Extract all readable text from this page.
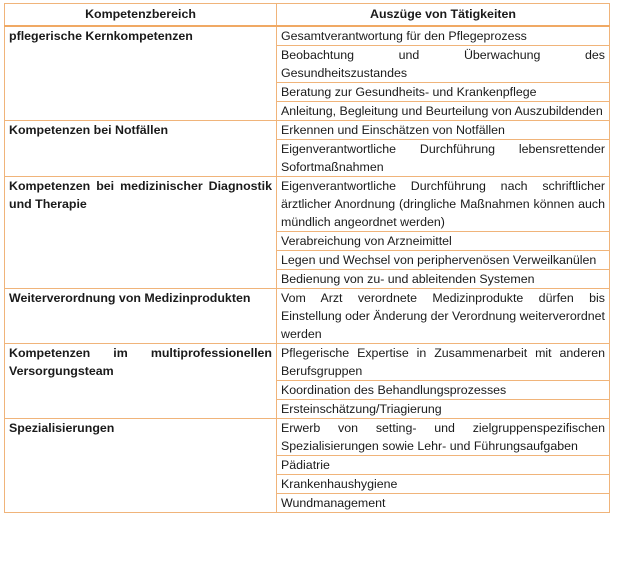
Kompetenzbereich	Auszüge von Tätigkeiten
pflegerische Kernkompetenzen	Gesamtverantwortung für den Pflegeprozess
	Beobachtung und Überwachung des Gesundheitszustandes
	Beratung zur Gesundheits- und Krankenpflege
	Anleitung, Begleitung und Beurteilung von Auszubildenden
Kompetenzen bei Notfällen	Erkennen und Einschätzen von Notfällen
	Eigenverantwortliche Durchführung lebensrettender Sofortmaßnahmen
Kompetenzen bei medizinischer Diagnostik und Therapie	Eigenverantwortliche Durchführung nach schriftlicher ärztlicher Anordnung (dringliche Maßnahmen können auch mündlich angeordnet werden)
	Verabreichung von Arzneimittel
	Legen und Wechsel von periphervenösen Verweilkanülen
	Bedienung von zu- und ableitenden Systemen
Weiterverordnung von Medizinprodukten	Vom Arzt verordnete Medizinprodukte dürfen bis Einstellung oder Änderung der Verordnung weiterverordnet werden
Kompetenzen im multiprofessionellen Versorgungsteam	Pflegerische Expertise in Zusammenarbeit mit anderen Berufsgruppen
	Koordination des Behandlungsprozesses
	Ersteinschätzung/Triagierung
Spezialisierungen	Erwerb von setting- und zielgruppenspezifischen Spezialisierungen sowie Lehr- und Führungsaufgaben
	Pädiatrie
	Krankenhaushygiene
	Wundmanagement
